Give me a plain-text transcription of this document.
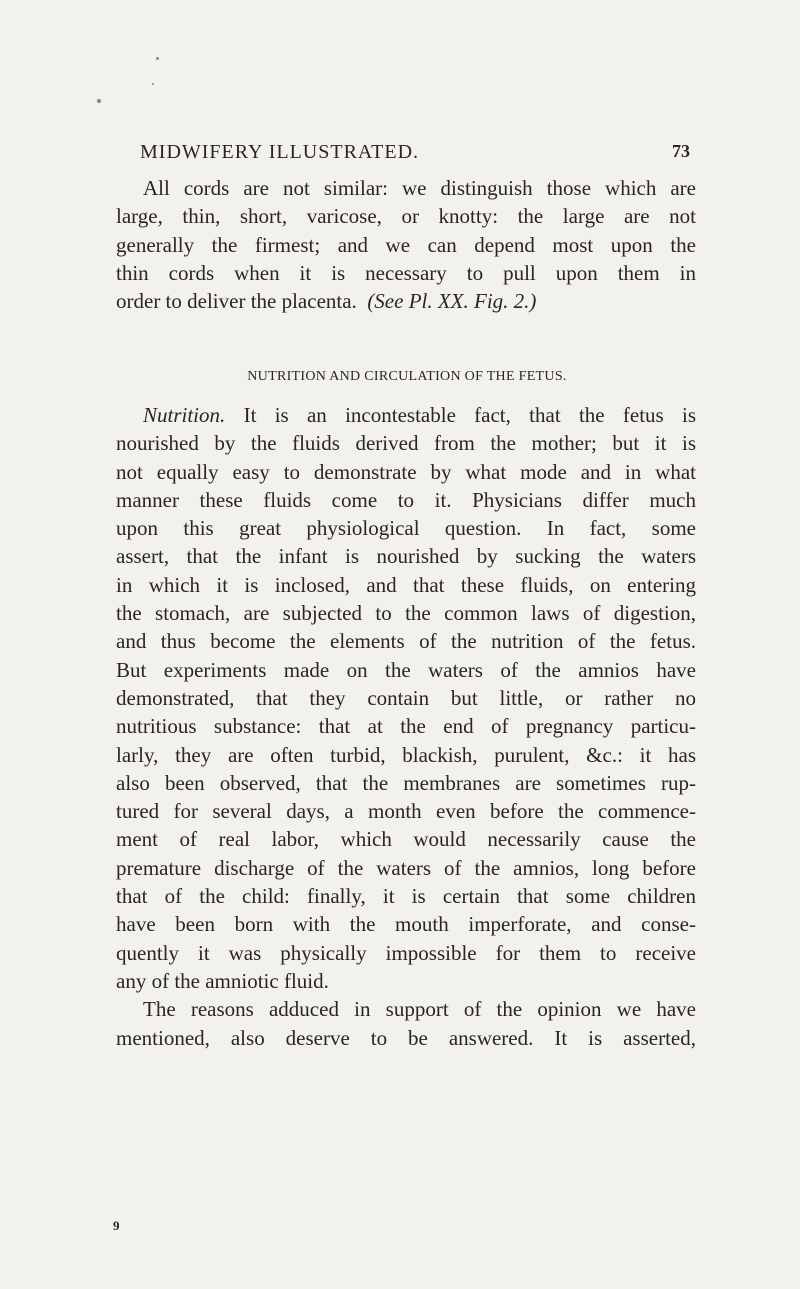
MIDWIFERY ILLUSTRATED.	73
All cords are not similar: we distinguish those which are
large, thin, short, varicose, or knotty: the large are not
generally the firmest; and we can depend most upon the
thin cords when it is necessary to pull upon them in
order to deliver the placenta. (See Pl. XX. Fig. 2.)
NUTRITION AND CIRCULATION OF THE FETUS.
Nutrition. It is an incontestable fact, that the fetus is
nourished by the fluids derived from the mother; but it is
not equally easy to demonstrate by what mode and in what
manner these fluids come to it. Physicians differ much
upon this great physiological question. In fact, some
assert, that the infant is nourished by sucking the waters
in which it is inclosed, and that these fluids, on entering
the stomach, are subjected to the common laws of digestion,
and thus become the elements of the nutrition of the fetus.
But experiments made on the waters of the amnios have
demonstrated, that they contain but little, or rather no
nutritious substance: that at the end of pregnancy particu-
larly, they are often turbid, blackish, purulent, &c.: it has
also been observed, that the membranes are sometimes rup-
tured for several days, a month even before the commence-
ment of real labor, which would necessarily cause the
premature discharge of the waters of the amnios, long before
that of the child: finally, it is certain that some children
have been born with the mouth imperforate, and conse-
quently it was physically impossible for them to receive
any of the amniotic fluid.
The reasons adduced in support of the opinion we have
mentioned, also deserve to be answered. It is asserted,
9
